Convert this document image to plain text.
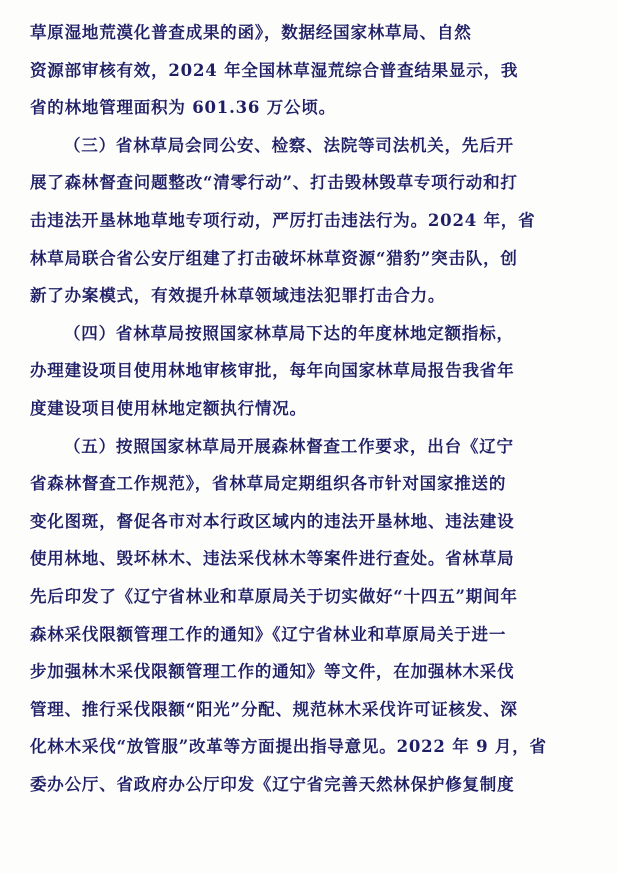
草原湿地荒漠化普查成果的函》，数据经国家林草局、自然
资源部审核有效，2024 年全国林草湿荒综合普查结果显示，我
省的林地管理面积为 601.36 万公顷。
（三）省林草局会同公安、检察、法院等司法机关，先后开
展了森林督查问题整改“清零行动”、打击毁林毁草专项行动和打
击违法开垦林地草地专项行动，严厉打击违法行为。2024 年，省
林草局联合省公安厅组建了打击破坏林草资源“猎豹”突击队，创
新了办案模式，有效提升林草领域违法犯罪打击合力。
（四）省林草局按照国家林草局下达的年度林地定额指标，
办理建设项目使用林地审核审批，每年向国家林草局报告我省年
度建设项目使用林地定额执行情况。
（五）按照国家林草局开展森林督查工作要求，出台《辽宁
省森林督查工作规范》，省林草局定期组织各市针对国家推送的
变化图斑，督促各市对本行政区域内的违法开垦林地、违法建设
使用林地、毁坏林木、违法采伐林木等案件进行查处。省林草局
先后印发了《辽宁省林业和草原局关于切实做好“十四五”期间年
森林采伐限额管理工作的通知》《辽宁省林业和草原局关于进一
步加强林木采伐限额管理工作的通知》等文件，在加强林木采伐
管理、推行采伐限额“阳光”分配、规范林木采伐许可证核发、深
化林木采伐“放管服”改革等方面提出指导意见。2022 年 9 月，省
委办公厅、省政府办公厅印发《辽宁省完善天然林保护修复制度
